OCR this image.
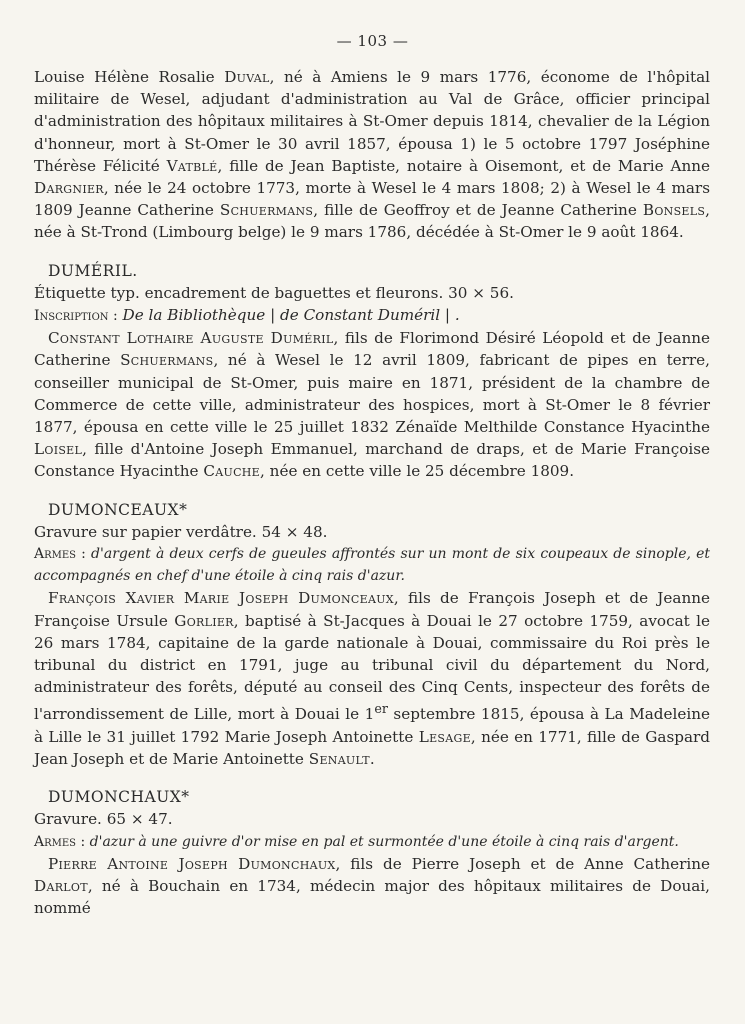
— 103 —

Louise Hélène Rosalie Duval, né à Amiens le 9 mars 1776, économe de l'hôpital militaire de Wesel, adjudant d'administration au Val de Grâce, officier principal d'administration des hôpitaux militaires à St-Omer depuis 1814, chevalier de la Légion d'honneur, mort à St-Omer le 30 avril 1857, épousa 1) le 5 octobre 1797 Joséphine Thérèse Félicité Vatblé, fille de Jean Baptiste, notaire à Oisemont, et de Marie Anne Dargnier, née le 24 octobre 1773, morte à Wesel le 4 mars 1808; 2) à Wesel le 4 mars 1809 Jeanne Catherine Schuermans, fille de Geoffroy et de Jeanne Catherine Bonsels, née à St-Trond (Limbourg belge) le 9 mars 1786, décédée à St-Omer le 9 août 1864.

DUMÉRIL.

Étiquette typ. encadrement de baguettes et fleurons. 30 × 56.

Inscription : De la Bibliothèque | de Constant Duméril | .

Constant Lothaire Auguste Duméril, fils de Florimond Désiré Léopold et de Jeanne Catherine Schuermans, né à Wesel le 12 avril 1809, fabricant de pipes en terre, conseiller municipal de St-Omer, puis maire en 1871, président de la chambre de Commerce de cette ville, administrateur des hospices, mort à St-Omer le 8 février 1877, épousa en cette ville le 25 juillet 1832 Zénaïde Melthilde Constance Hyacinthe Loisel, fille d'Antoine Joseph Emmanuel, marchand de draps, et de Marie Françoise Constance Hyacinthe Cauche, née en cette ville le 25 décembre 1809.

DUMONCEAUX*

Gravure sur papier verdâtre. 54 × 48.

Armes : d'argent à deux cerfs de gueules affrontés sur un mont de six coupeaux de sinople, et accompagnés en chef d'une étoile à cinq rais d'azur.

François Xavier Marie Joseph Dumonceaux, fils de François Joseph et de Jeanne Françoise Ursule Gorlier, baptisé à St-Jacques à Douai le 27 octobre 1759, avocat le 26 mars 1784, capitaine de la garde nationale à Douai, commissaire du Roi près le tribunal du district en 1791, juge au tribunal civil du département du Nord, administrateur des forêts, député au conseil des Cinq Cents, inspecteur des forêts de l'arrondissement de Lille, mort à Douai le 1er septembre 1815, épousa à La Madeleine à Lille le 31 juillet 1792 Marie Joseph Antoinette Lesage, née en 1771, fille de Gaspard Jean Joseph et de Marie Antoinette Senault.

DUMONCHAUX*

Gravure. 65 × 47.

Armes : d'azur à une guivre d'or mise en pal et surmontée d'une étoile à cinq rais d'argent.

Pierre Antoine Joseph Dumonchaux, fils de Pierre Joseph et de Anne Catherine Darlot, né à Bouchain en 1734, médecin major des hôpitaux militaires de Douai, nommé
